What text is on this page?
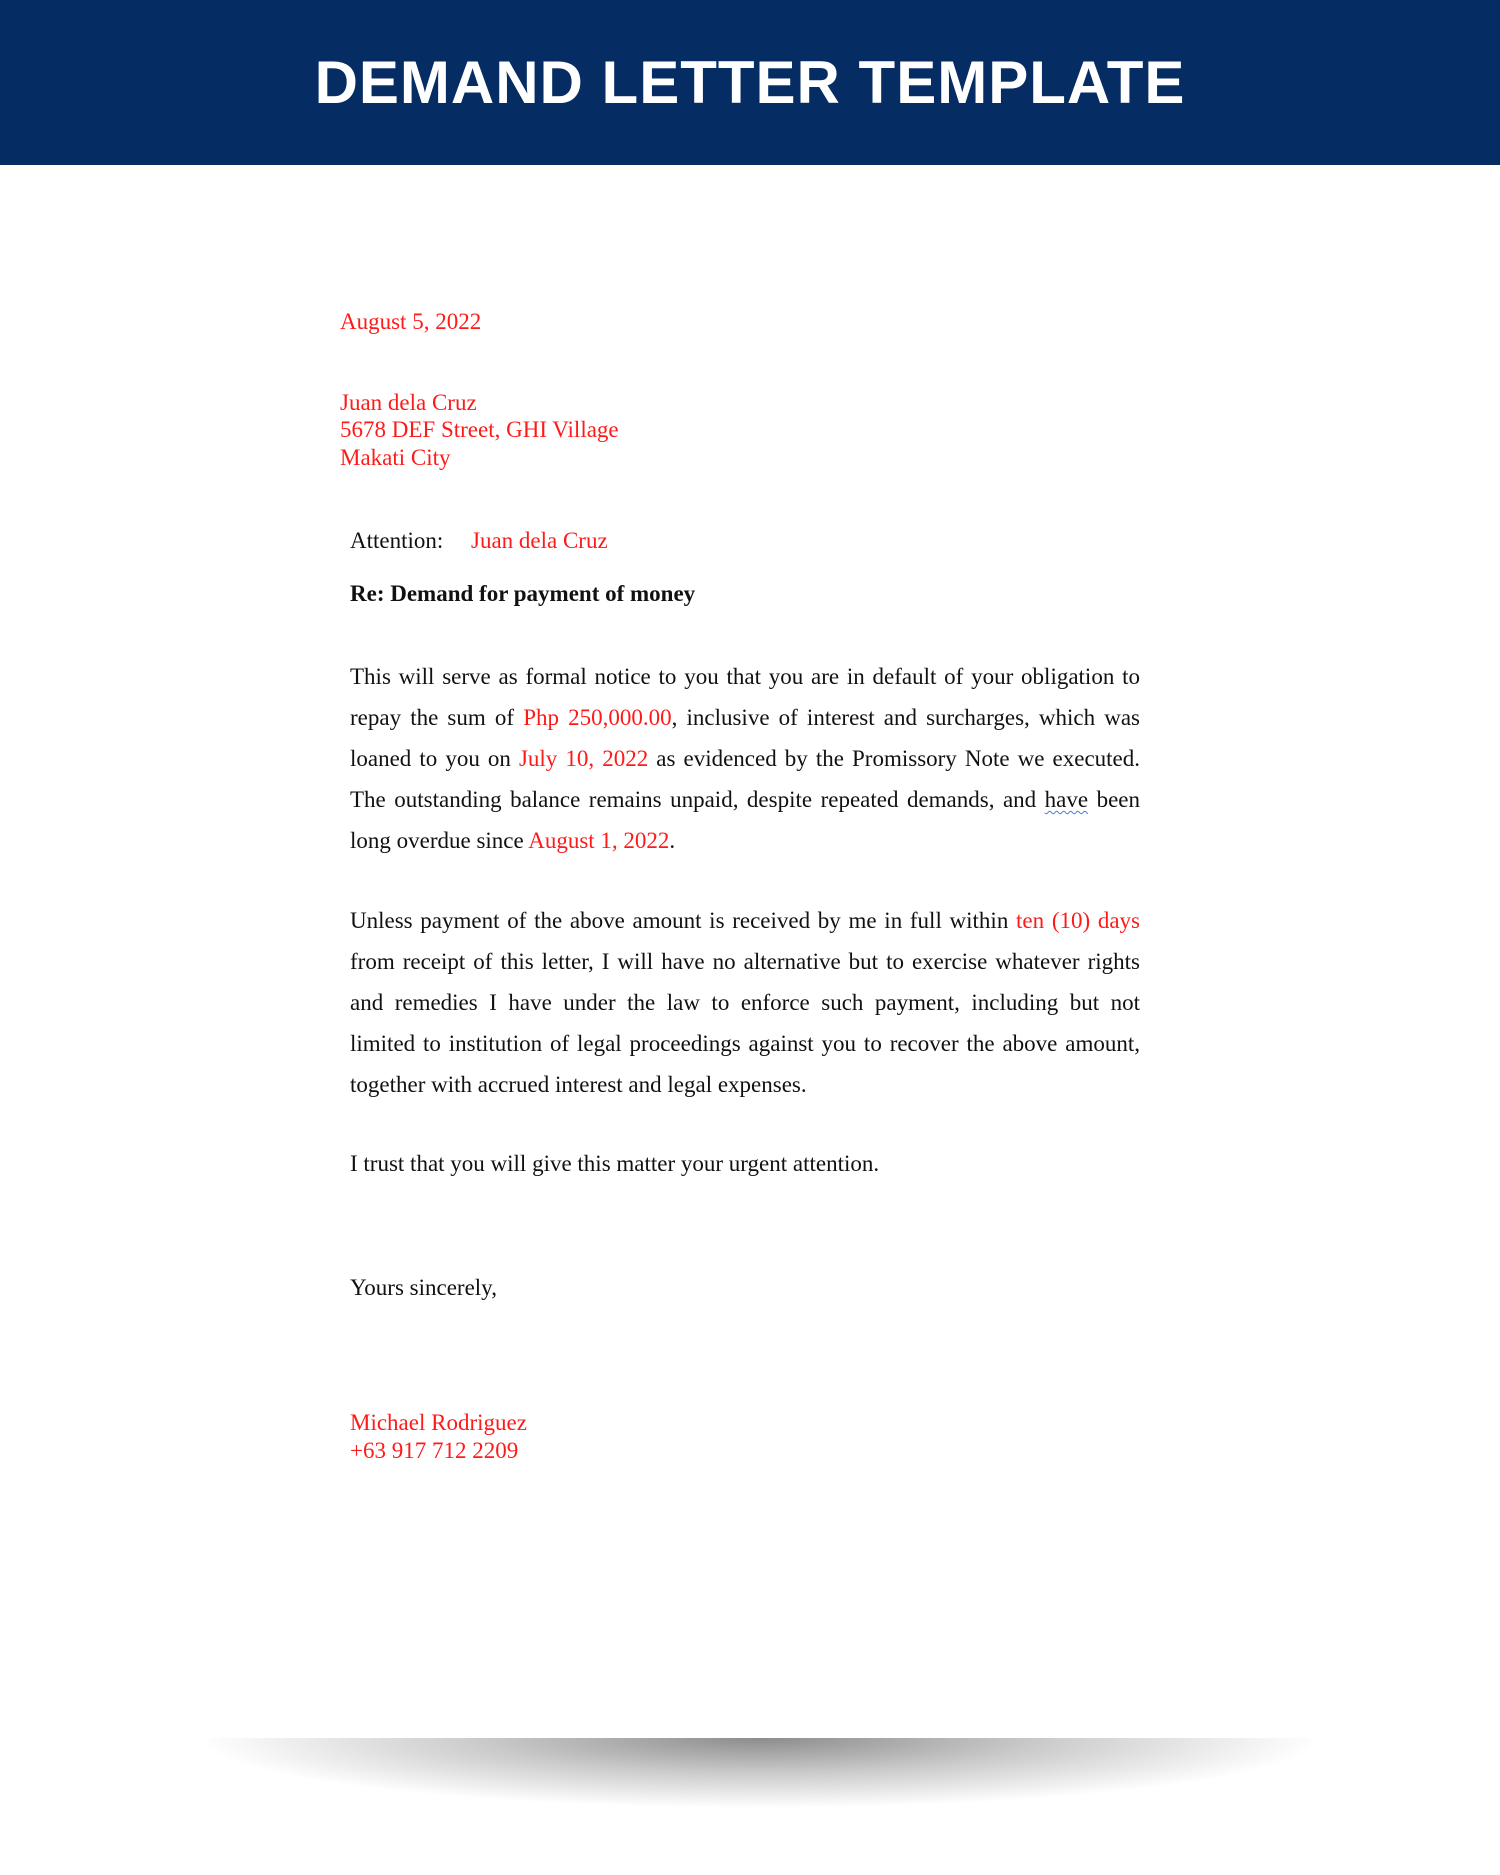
DEMAND LETTER TEMPLATE
August 5, 2022
Juan dela Cruz
5678 DEF Street, GHI Village
Makati City
Attention: Juan dela Cruz
Re: Demand for payment of money
This will serve as formal notice to you that you are in default of your obligation to
repay the sum of Php 250,000.00, inclusive of interest and surcharges, which was
loaned to you on July 10, 2022 as evidenced by the Promissory Note we executed.
The outstanding balance remains unpaid, despite repeated demands, and have been
long overdue since August 1, 2022.
Unless payment of the above amount is received by me in full within ten (10) days
from receipt of this letter, I will have no alternative but to exercise whatever rights
and remedies I have under the law to enforce such payment, including but not
limited to institution of legal proceedings against you to recover the above amount,
together with accrued interest and legal expenses.
I trust that you will give this matter your urgent attention.
Yours sincerely,
Michael Rodriguez
+63 917 712 2209
